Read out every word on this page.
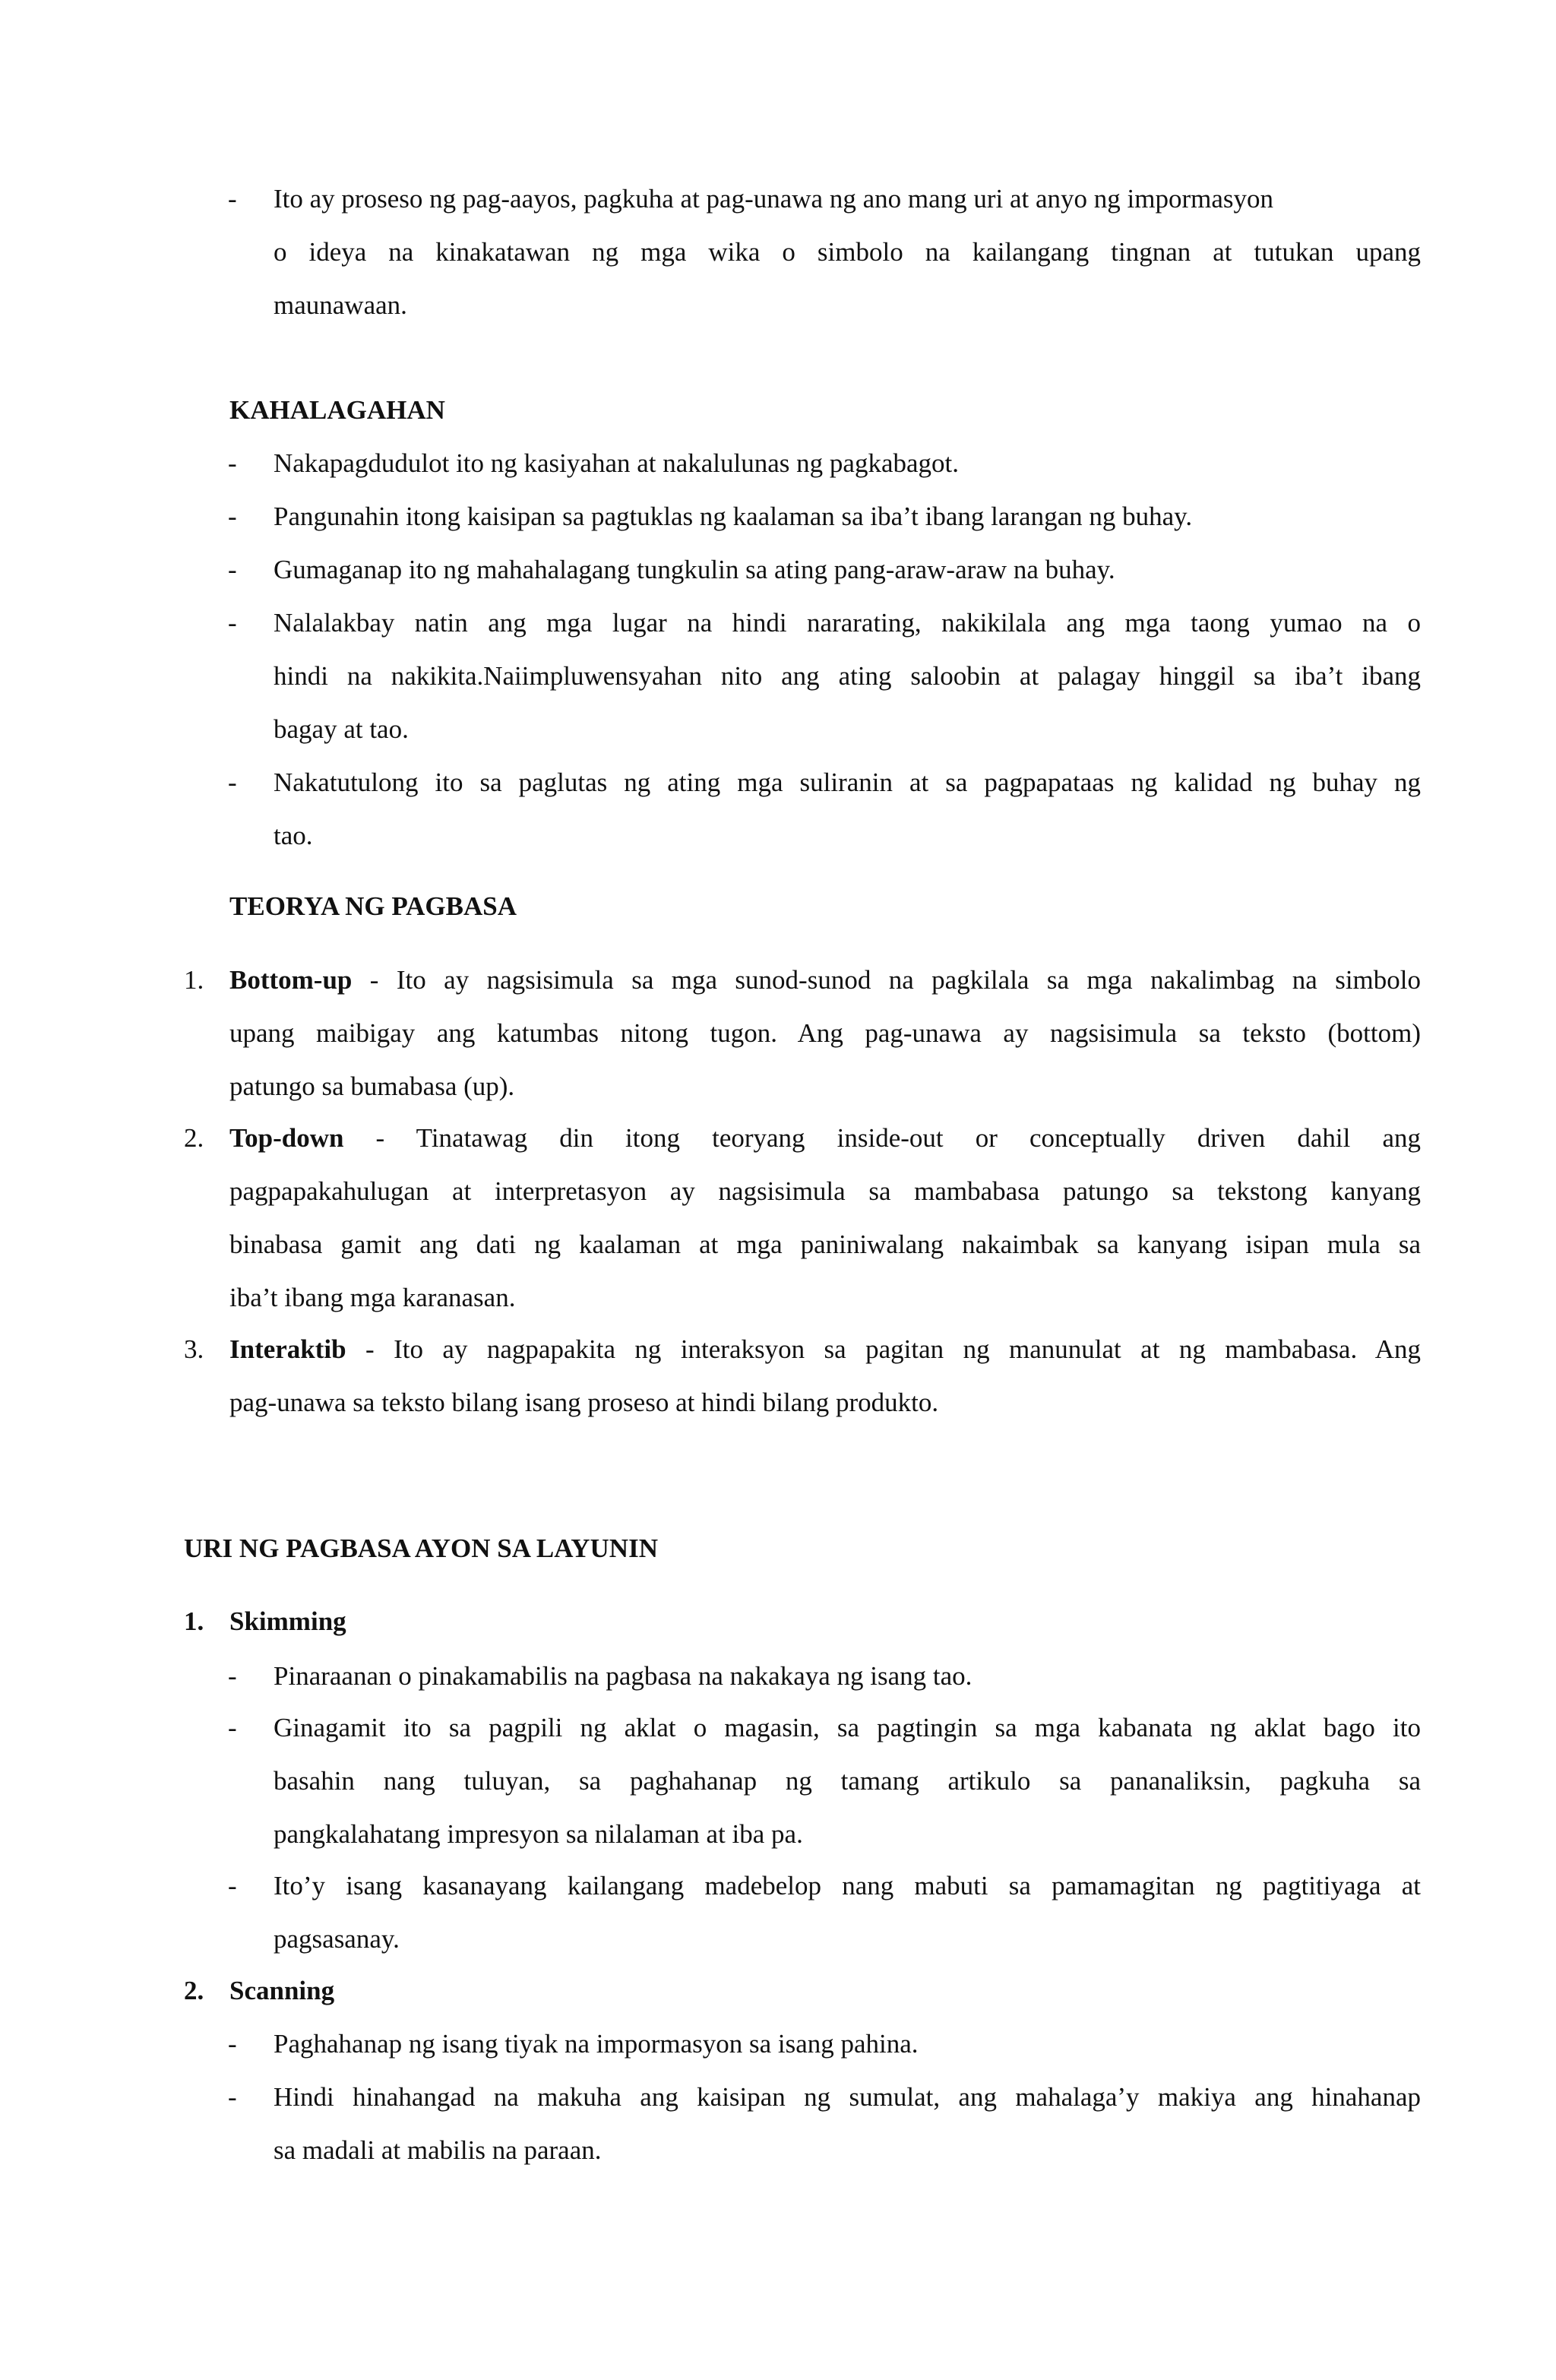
- Ito ay proseso ng pag-aayos, pagkuha at pag-unawa ng ano mang uri at anyo ng impormasyon
o ideya na kinakatawan ng mga wika o simbolo na kailangang tingnan at tutukan upang
maunawaan.
KAHALAGAHAN
- Nakapagdudulot ito ng kasiyahan at nakalulunas ng pagkabagot.
- Pangunahin itong kaisipan sa pagtuklas ng kaalaman sa iba’t ibang larangan ng buhay.
- Gumaganap ito ng mahahalagang tungkulin sa ating pang-araw-araw na buhay.
- Nalalakbay natin ang mga lugar na hindi nararating, nakikilala ang mga taong yumao na o
hindi na nakikita.Naiimpluwensyahan nito ang ating saloobin at palagay hinggil sa iba’t ibang
bagay at tao.
- Nakatutulong ito sa paglutas ng ating mga suliranin at sa pagpapataas ng kalidad ng buhay ng
tao.
TEORYA NG PAGBASA
1. Bottom-up - Ito ay nagsisimula sa mga sunod-sunod na pagkilala sa mga nakalimbag na simbolo
upang maibigay ang katumbas nitong tugon. Ang pag-unawa ay nagsisimula sa teksto (bottom)
patungo sa bumabasa (up).
2. Top-down - Tinatawag din itong teoryang inside-out or conceptually driven dahil ang
pagpapakahulugan at interpretasyon ay nagsisimula sa mambabasa patungo sa tekstong kanyang
binabasa gamit ang dati ng kaalaman at mga paniniwalang nakaimbak sa kanyang isipan mula sa
iba’t ibang mga karanasan.
3. Interaktib - Ito ay nagpapakita ng interaksyon sa pagitan ng manunulat at ng mambabasa. Ang
pag-unawa sa teksto bilang isang proseso at hindi bilang produkto.
URI NG PAGBASA AYON SA LAYUNIN
1. Skimming
- Pinaraanan o pinakamabilis na pagbasa na nakakaya ng isang tao.
- Ginagamit ito sa pagpili ng aklat o magasin, sa pagtingin sa mga kabanata ng aklat bago ito
basahin nang tuluyan, sa paghahanap ng tamang artikulo sa pananaliksin, pagkuha sa
pangkalahatang impresyon sa nilalaman at iba pa.
- Ito’y isang kasanayang kailangang madebelop nang mabuti sa pamamagitan ng pagtitiyaga at
pagsasanay.
2. Scanning
- Paghahanap ng isang tiyak na impormasyon sa isang pahina.
- Hindi hinahangad na makuha ang kaisipan ng sumulat, ang mahalaga’y makiya ang hinahanap
sa madali at mabilis na paraan.
